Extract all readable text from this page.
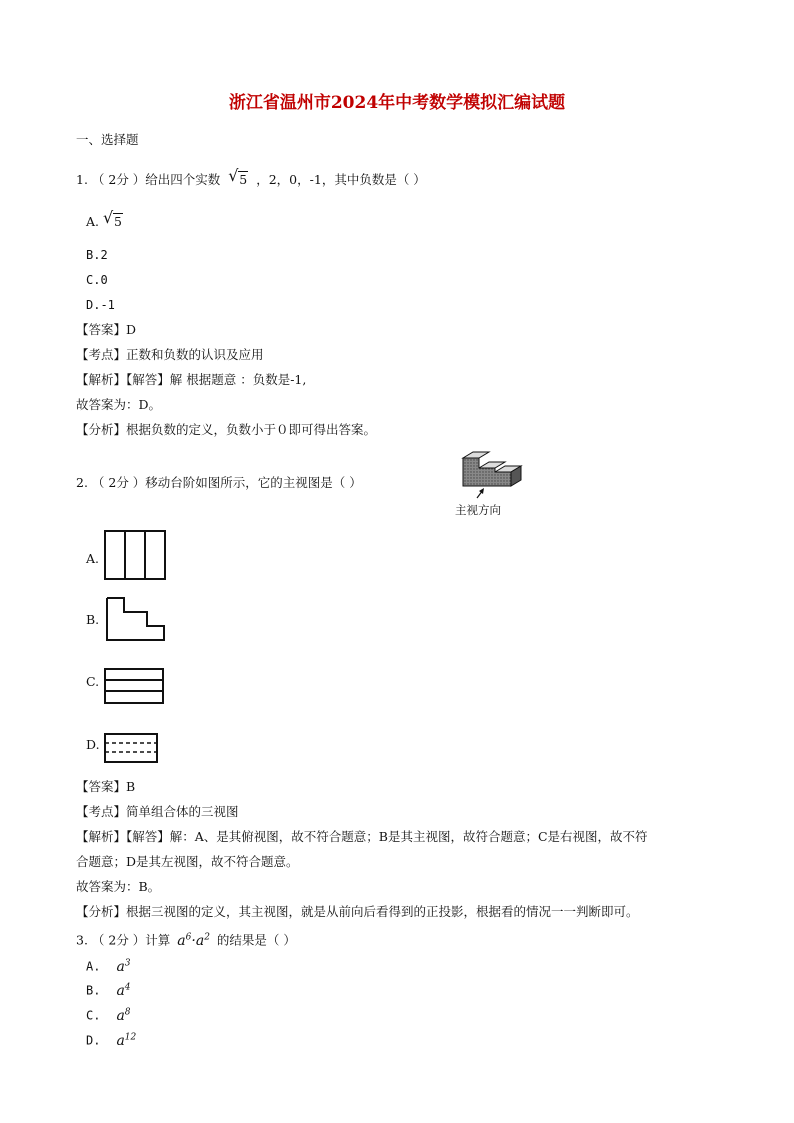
浙江省温州市2024年中考数学模拟汇编试题
一、选择题
1. （ 2分 ）给出四个实数 √ 5 ，2，0，-1，其中负数是（ ）
A. √ 5
B.2
C.0
D.-1
【答案】D
【考点】正数和负数的认识及应用
【解析】【解答】解 根据题意 ：负数是-1,
故答案为：D。
【分析】根据负数的定义，负数小于０即可得出答案。
2. （ 2分 ）移动台阶如图所示，它的主视图是（ ）
主视方向
A.
B.
C.
D.
【答案】B
【考点】简单组合体的三视图
【解析】【解答】解：A、是其俯视图，故不符合题意；B是其主视图，故符合题意；C是右视图，故不符
合题意；D是其左视图，故不符合题意。
故答案为：B。
【分析】根据三视图的定义，其主视图，就是从前向后看得到的正投影，根据看的情况一一判断即可。
3. （ 2分 ）计算 $a^6\cdot a^2$ 的结果是（ ）
A. $a^3$
B. $a^4$
C. $a^8$
D. $a^{12}$
